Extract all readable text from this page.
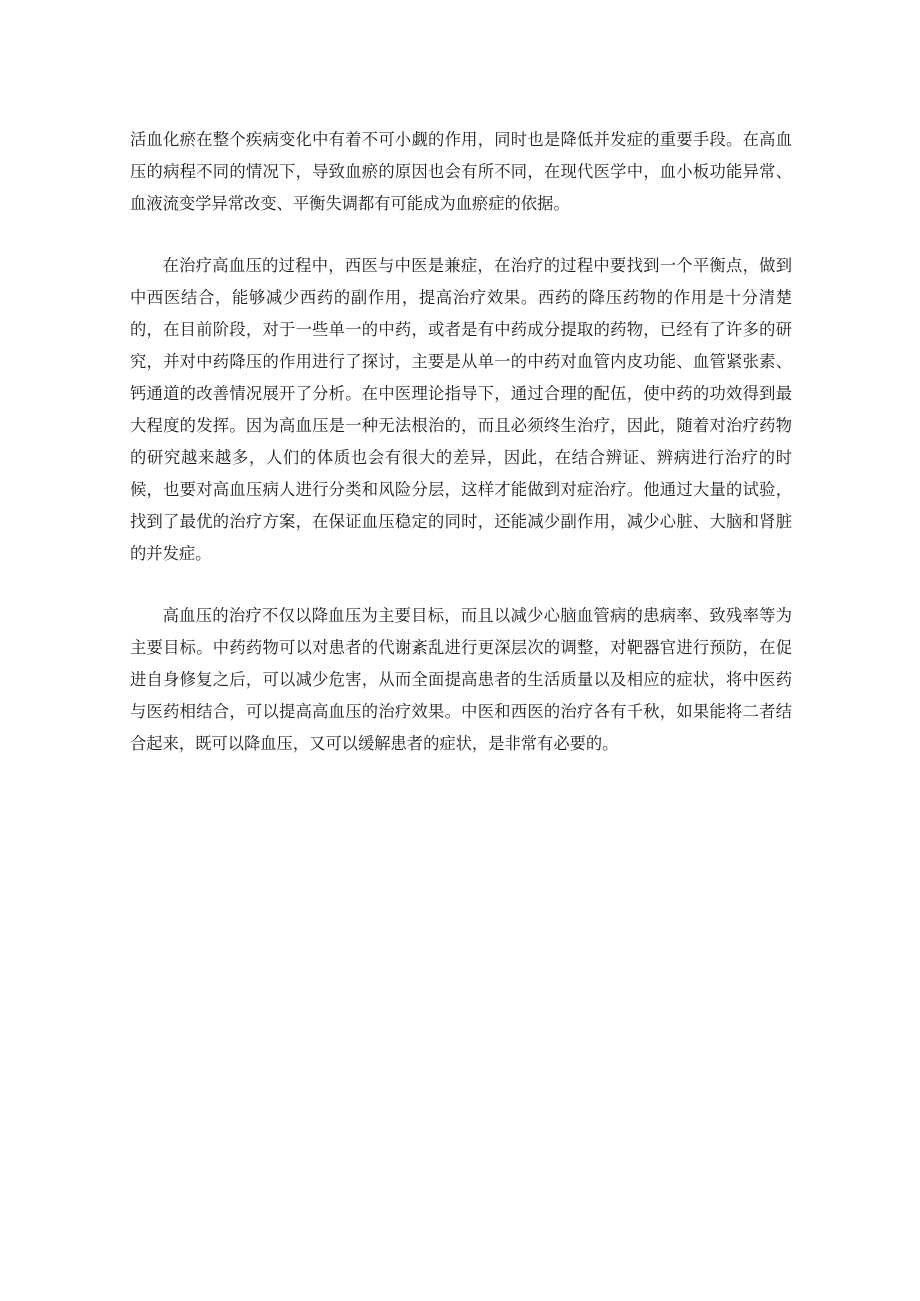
活血化瘀在整个疾病变化中有着不可小觑的作用，同时也是降低并发症的重要手段。在高血压的病程不同的情况下，导致血瘀的原因也会有所不同，在现代医学中，血小板功能异常、血液流变学异常改变、平衡失调都有可能成为血瘀症的依据。

在治疗高血压的过程中，西医与中医是兼症，在治疗的过程中要找到一个平衡点，做到中西医结合，能够减少西药的副作用，提高治疗效果。西药的降压药物的作用是十分清楚的，在目前阶段，对于一些单一的中药，或者是有中药成分提取的药物，已经有了许多的研究，并对中药降压的作用进行了探讨，主要是从单一的中药对血管内皮功能、血管紧张素、钙通道的改善情况展开了分析。在中医理论指导下，通过合理的配伍，使中药的功效得到最大程度的发挥。因为高血压是一种无法根治的，而且必须终生治疗，因此，随着对治疗药物的研究越来越多，人们的体质也会有很大的差异，因此，在结合辨证、辨病进行治疗的时候，也要对高血压病人进行分类和风险分层，这样才能做到对症治疗。他通过大量的试验，找到了最优的治疗方案，在保证血压稳定的同时，还能减少副作用，减少心脏、大脑和肾脏的并发症。

高血压的治疗不仅以降血压为主要目标，而且以减少心脑血管病的患病率、致残率等为主要目标。中药药物可以对患者的代谢紊乱进行更深层次的调整，对靶器官进行预防，在促进自身修复之后，可以减少危害，从而全面提高患者的生活质量以及相应的症状，将中医药与医药相结合，可以提高高血压的治疗效果。中医和西医的治疗各有千秋，如果能将二者结合起来，既可以降血压，又可以缓解患者的症状，是非常有必要的。
